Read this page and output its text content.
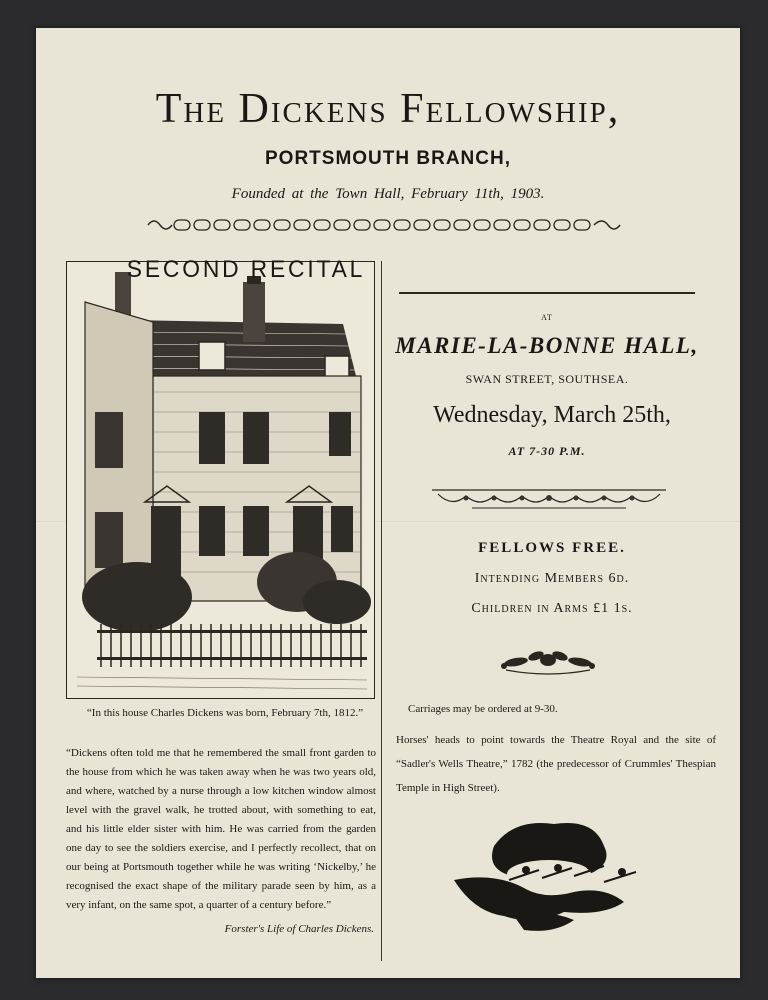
The Dickens Fellowship,
PORTSMOUTH BRANCH,
Founded at the Town Hall, February 11th, 1903.
“In this house Charles Dickens was born, February 7th, 1812.”
“Dickens often told me that he remembered the small front garden to the house from which he was taken away when he was two years old, and where, watched by a nurse through a low kitchen window almost level with the gravel walk, he trotted about, with something to eat, and his little elder sister with him. He was carried from the garden one day to see the soldiers exercise, and I perfectly recollect, that on our being at Portsmouth together while he was writing ‘Nickelby,’ he recognised the exact shape of the military parade seen by him, as a very infant, on the same spot, a quarter of a century before.”
Forster's Life of Charles Dickens.
SECOND RECITAL
AT
MARIE-LA-BONNE HALL,
SWAN STREET, SOUTHSEA.
Wednesday, March 25th,
AT 7-30 P.M.
FELLOWS FREE.
Intending Members 6d.
Children in Arms £1 1s.
Carriages may be ordered at 9-30.
Horses' heads to point towards the Theatre Royal and the site of “Sadler's Wells Theatre,” 1782 (the predecessor of Crummles' Thespian Temple in High Street).
